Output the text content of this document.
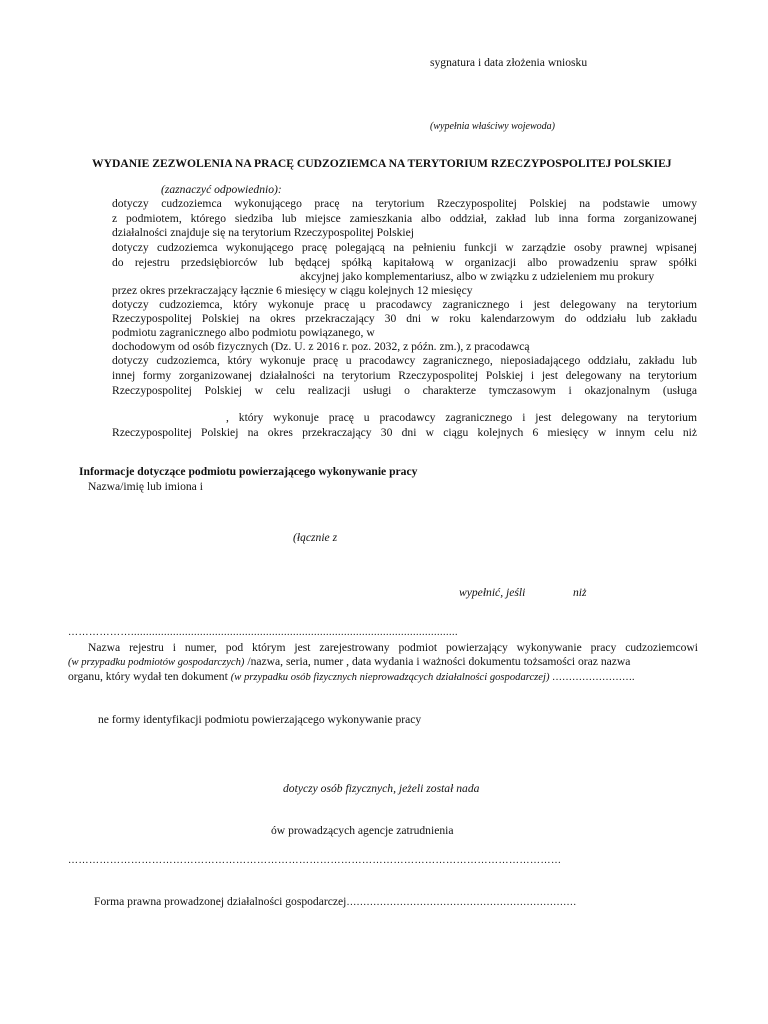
sygnatura i data złożenia wniosku
(wypełnia właściwy wojewoda)
WYDANIE ZEZWOLENIA NA PRACĘ CUDZOZIEMCA NA TERYTORIUM RZECZYPOSPOLITEJ POLSKIEJ
(zaznaczyć odpowiednio):
dotyczy cudzoziemca wykonującego pracę na terytorium Rzeczypospolitej Polskiej na podstawie umowy
z podmiotem, którego siedziba lub miejsce zamieszkania albo oddział, zakład lub inna forma zorganizowanej
działalności znajduje się na terytorium Rzeczypospolitej Polskiej
dotyczy cudzoziemca wykonującego pracę polegającą na pełnieniu funkcji w zarządzie osoby prawnej wpisanej
do rejestru przedsiębiorców lub będącej spółką kapitałową w organizacji albo prowadzeniu spraw spółki
akcyjnej jako komplementariusz, albo w związku z udzieleniem mu prokury
przez okres przekraczający łącznie 6 miesięcy w ciągu kolejnych 12 miesięcy
dotyczy cudzoziemca, który wykonuje pracę u pracodawcy zagranicznego i jest delegowany na terytorium
Rzeczypospolitej Polskiej na okres przekraczający 30 dni w roku kalendarzowym do oddziału lub zakładu
podmiotu zagranicznego albo podmiotu powiązanego, w
dochodowym od osób fizycznych (Dz. U. z 2016 r. poz. 2032, z późn. zm.), z pracodawcą
dotyczy cudzoziemca, który wykonuje pracę u pracodawcy zagranicznego, nieposiadającego oddziału, zakładu lub
innej formy zorganizowanej działalności na terytorium Rzeczypospolitej Polskiej i jest delegowany na terytorium
Rzeczypospolitej Polskiej w celu realizacji usługi o charakterze tymczasowym i okazjonalnym (usługa
, który wykonuje pracę u pracodawcy zagranicznego i jest delegowany na terytorium
Rzeczypospolitej Polskiej na okres przekraczający 30 dni w ciągu kolejnych 6 miesięcy w innym celu niż
Informacje dotyczące podmiotu powierzającego wykonywanie pracy
Nazwa/imię lub imiona i
(łącznie z
wypełnić, jeśli	niż
……………….............................................................................................................
Nazwa rejestru i numer, pod którym jest zarejestrowany podmiot powierzający wykonywanie pracy cudzoziemcowi
(w przypadku podmiotów gospodarczych) /nazwa, seria, numer , data wydania i ważności dokumentu tożsamości oraz nazwa
organu, który wydał ten dokument (w przypadku osób fizycznych nieprowadzących działalności gospodarczej) …………………….
ne formy identyfikacji podmiotu powierzającego wykonywanie pracy
dotyczy osób fizycznych, jeżeli został nada
ów prowadzących agencje zatrudnienia
……………………………………………………………………………………………………………………………
Forma prawna prowadzonej działalności gospodarczej……………………………………………………………
